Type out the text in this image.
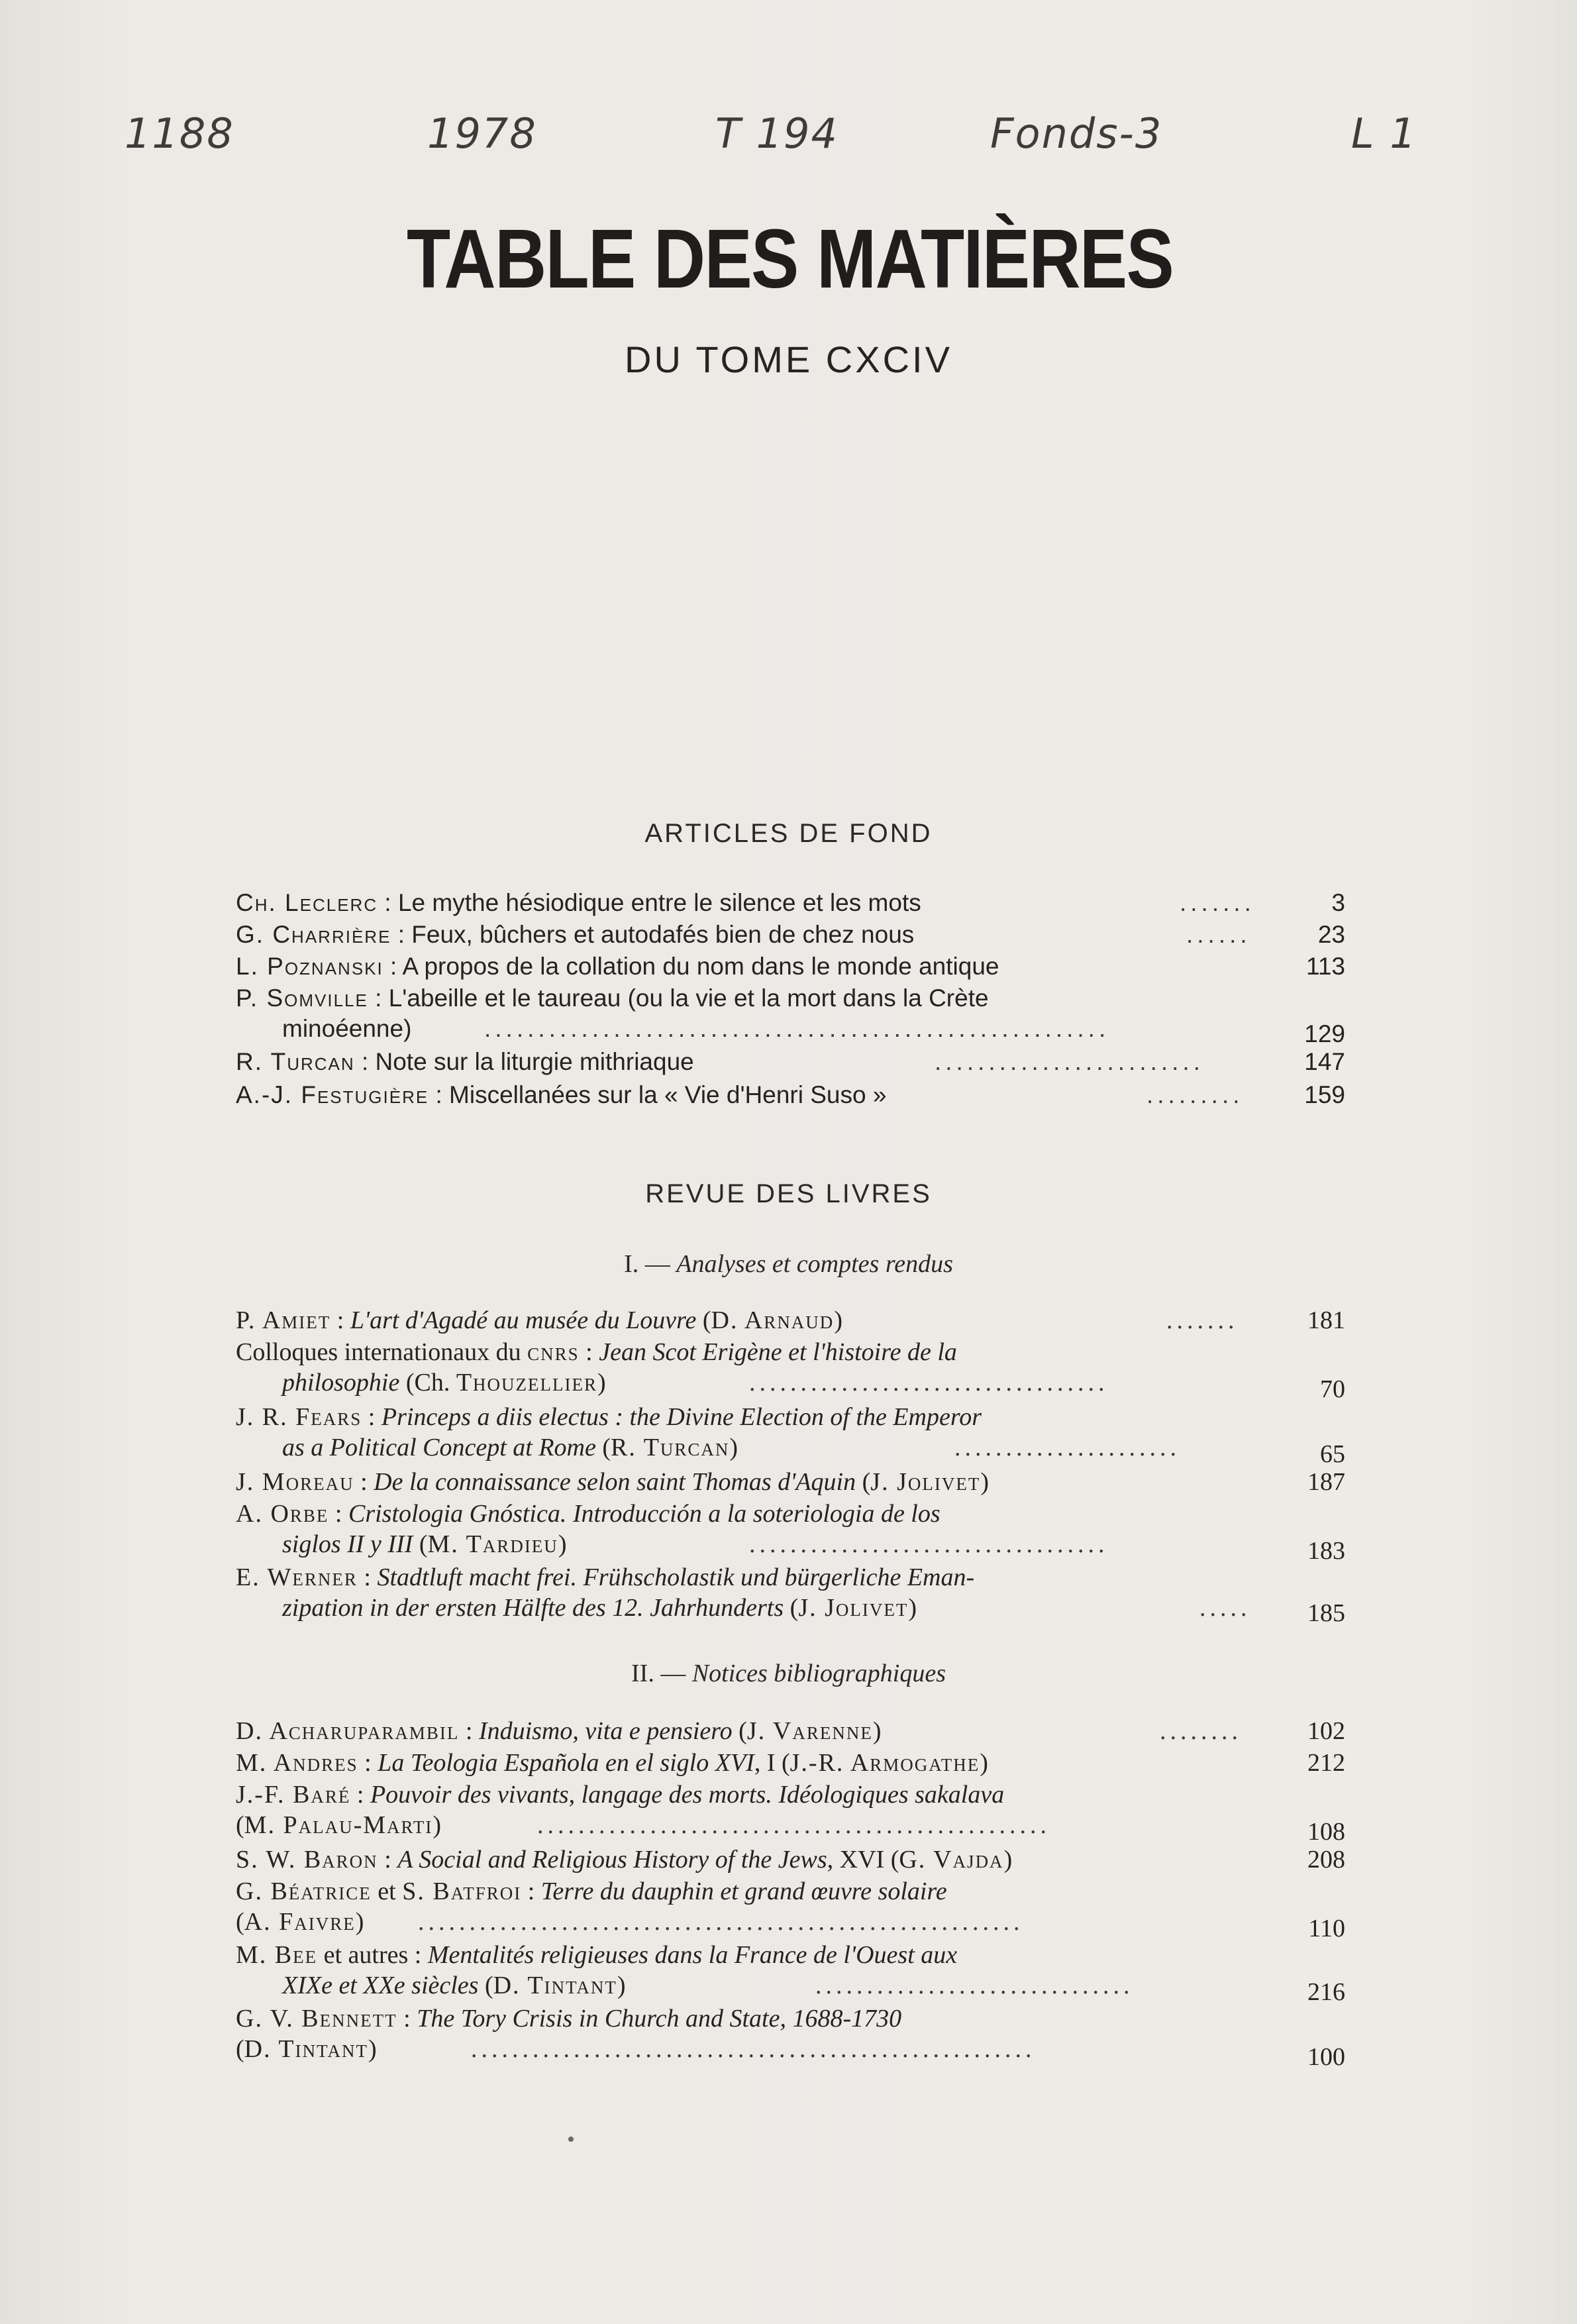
1188	1978	T 194	Fonds-3	L 1
TABLE DES MATIÈRES
DU TOME CXCIV
ARTICLES DE FOND
Ch. Leclerc : Le mythe hésiodique entre le silence et les mots	.......	3
G. Charrière : Feux, bûchers et autodafés bien de chez nous	......	23
L. Poznanski : A propos de la collation du nom dans le monde antique	113
P. Somville : L'abeille et le taureau (ou la vie et la mort dans la Crète
minoéenne)	..........................................................	129
R. Turcan : Note sur la liturgie mithriaque	.........................	147
A.-J. Festugière : Miscellanées sur la « Vie d'Henri Suso »	.........	159
REVUE DES LIVRES
I. — Analyses et comptes rendus
P. Amiet : L'art d'Agadé au musée du Louvre (D. Arnaud)	.......	181
Colloques internationaux du cnrs : Jean Scot Erigène et l'histoire de la
philosophie (Ch. Thouzellier)	...................................	70
J. R. Fears : Princeps a diis electus : the Divine Election of the Emperor
as a Political Concept at Rome (R. Turcan)	......................	65
J. Moreau : De la connaissance selon saint Thomas d'Aquin (J. Jolivet)	187
A. Orbe : Cristologia Gnóstica. Introducción a la soteriologia de los
siglos II y III (M. Tardieu)	...................................	183
E. Werner : Stadtluft macht frei. Frühscholastik und bürgerliche Eman-
zipation in der ersten Hälfte des 12. Jahrhunderts (J. Jolivet)	.....	185
II. — Notices bibliographiques
D. Acharuparambil : Induismo, vita e pensiero (J. Varenne)	........	102
M. Andres : La Teologia Española en el siglo XVI, I (J.-R. Armogathe)	212
J.-F. Baré : Pouvoir des vivants, langage des morts. Idéologiques sakalava
(M. Palau-Marti)	..................................................	108
S. W. Baron : A Social and Religious History of the Jews, XVI (G. Vajda)	208
G. Béatrice et S. Batfroi : Terre du dauphin et grand œuvre solaire
(A. Faivre) ...........................................................	110
M. Bee et autres : Mentalités religieuses dans la France de l'Ouest aux
XIXe et XXe siècles (D. Tintant)	...............................	216
G. V. Bennett : The Tory Crisis in Church and State, 1688-1730
(D. Tintant)	.......................................................	100
